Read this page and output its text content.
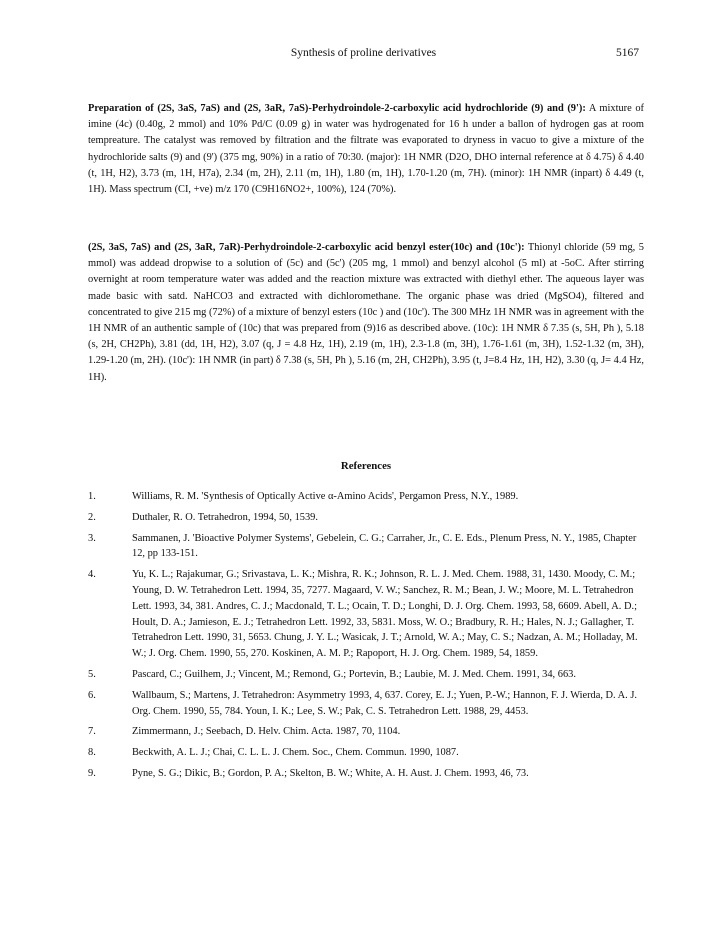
Synthesis of proline derivatives	5167
Preparation of (2S, 3aS, 7aS) and (2S, 3aR, 7aS)-Perhydroindole-2-carboxylic acid hydrochloride (9) and (9'): A mixture of imine (4c) (0.40g, 2 mmol) and 10% Pd/C (0.09 g) in water was hydrogenated for 16 h under a ballon of hydrogen gas at room tempreature. The catalyst was removed by filtration and the filtrate was evaporated to dryness in vacuo to give a mixture of the hydrochloride salts (9) and (9') (375 mg, 90%) in a ratio of 70:30. (major): 1H NMR (D2O, DHO internal reference at δ 4.75) δ 4.40 (t, 1H, H2), 3.73 (m, 1H, H7a), 2.34 (m, 2H), 2.11 (m, 1H), 1.80 (m, 1H), 1.70-1.20 (m, 7H). (minor): 1H NMR (inpart) δ 4.49 (t, 1H). Mass spectrum (CI, +ve) m/z 170 (C9H16NO2+, 100%), 124 (70%).
(2S, 3aS, 7aS) and (2S, 3aR, 7aR)-Perhydroindole-2-carboxylic acid benzyl ester(10c) and (10c'): Thionyl chloride (59 mg, 5 mmol) was addead dropwise to a solution of (5c) and (5c') (205 mg, 1 mmol) and benzyl alcohol (5 ml) at -5oC. After stirring overnight at room temperature water was added and the reaction mixture was extracted with diethyl ether. The aqueous layer was made basic with satd. NaHCO3 and extracted with dichloromethane. The organic phase was dried (MgSO4), filtered and concentrated to give 215 mg (72%) of a mixture of benzyl esters (10c ) and (10c'). The 300 MHz 1H NMR was in agreement with the 1H NMR of an authentic sample of (10c) that was prepared from (9)16 as described above. (10c): 1H NMR δ 7.35 (s, 5H, Ph ), 5.18 (s, 2H, CH2Ph), 3.81 (dd, 1H, H2), 3.07 (q, J = 4.8 Hz, 1H), 2.19 (m, 1H), 2.3-1.8 (m, 3H), 1.76-1.61 (m, 3H), 1.52-1.32 (m, 3H), 1.29-1.20 (m, 2H). (10c'): 1H NMR (in part) δ 7.38 (s, 5H, Ph ), 5.16 (m, 2H, CH2Ph), 3.95 (t, J=8.4 Hz, 1H, H2), 3.30 (q, J= 4.4 Hz, 1H).
References
1.	Williams, R. M. 'Synthesis of Optically Active α-Amino Acids', Pergamon Press, N.Y., 1989.
2.	Duthaler, R. O. Tetrahedron, 1994, 50, 1539.
3.	Sammanen, J. 'Bioactive Polymer Systems', Gebelein, C. G.; Carraher, Jr., C. E. Eds., Plenum Press, N. Y., 1985, Chapter 12, pp 133-151.
4.	Yu, K. L.; Rajakumar, G.; Srivastava, L. K.; Mishra, R. K.; Johnson, R. L. J. Med. Chem. 1988, 31, 1430. Moody, C. M.; Young, D. W. Tetrahedron Lett. 1994, 35, 7277. Magaard, V. W.; Sanchez, R. M.; Bean, J. W.; Moore, M. L. Tetrahedron Lett. 1993, 34, 381. Andres, C. J.; Macdonald, T. L.; Ocain, T. D.; Longhi, D. J. Org. Chem. 1993, 58, 6609. Abell, A. D.; Hoult, D. A.; Jamieson, E. J.; Tetrahedron Lett. 1992, 33, 5831. Moss, W. O.; Bradbury, R. H.; Hales, N. J.; Gallagher, T. Tetrahedron Lett. 1990, 31, 5653. Chung, J. Y. L.; Wasicak, J. T.; Arnold, W. A.; May, C. S.; Nadzan, A. M.; Holladay, M. W.; J. Org. Chem. 1990, 55, 270. Koskinen, A. M. P.; Rapoport, H. J. Org. Chem. 1989, 54, 1859.
5.	Pascard, C.; Guilhem, J.; Vincent, M.; Remond, G.; Portevin, B.; Laubie, M. J. Med. Chem. 1991, 34, 663.
6.	Wallbaum, S.; Martens, J. Tetrahedron: Asymmetry 1993, 4, 637. Corey, E. J.; Yuen, P.-W.; Hannon, F. J. Wierda, D. A. J. Org. Chem. 1990, 55, 784. Youn, I. K.; Lee, S. W.; Pak, C. S. Tetrahedron Lett. 1988, 29, 4453.
7.	Zimmermann, J.; Seebach, D. Helv. Chim. Acta. 1987, 70, 1104.
8.	Beckwith, A. L. J.; Chai, C. L. L. J. Chem. Soc., Chem. Commun. 1990, 1087.
9.	Pyne, S. G.; Dikic, B.; Gordon, P. A.; Skelton, B. W.; White, A. H. Aust. J. Chem. 1993, 46, 73.
